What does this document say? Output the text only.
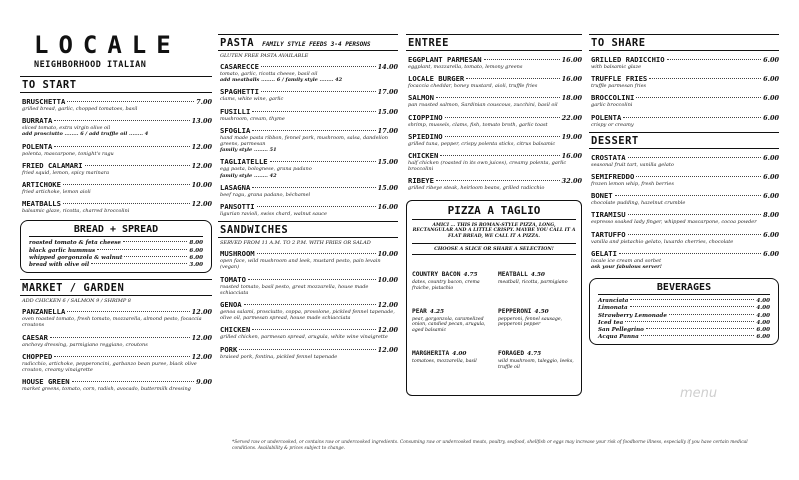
LOCALE
NEIGHBORHOOD ITALIAN
TO START
BRUSCHETTA	7.00
grilled bread, garlic, chopped tomatoes, basil
BURRATA	13.00
sliced tomato, extra virgin olive oil
add prosciutto ........ 6 / add truffle oil ........ 4
POLENTA	12.00
polenta, mascarpone, tonight's ragu
FRIED CALAMARI	12.00
fried squid, lemon, spicy marinara
ARTICHOKE	10.00
fried artichoke, lemon aioli
MEATBALLS	12.00
balsamic glaze, ricotta, charred broccolini
BREAD + SPREAD
roasted tomato & feta cheese	8.00
black garlic hummus	6.00
whipped gorgonzola & walnut	6.00
bread with olive oil	3.00
MARKET / GARDEN
ADD CHICKEN 6 / SALMON 9 / SHRIMP 8
PANZANELLA	12.00
oven roasted tomato, fresh tomato, mozzarella, almond pesto, focaccia croutons
CAESAR	12.00
anchovy dressing, parmigiano reggiano, croutons
CHOPPED	12.00
radicchio, artichoke, pepperoncini, garbanzo bean puree, black olive crouton, creamy vinaigrette
HOUSE GREEN	9.00
market greens, tomato, corn, radish, avocado, buttermilk dressing
PASTA FAMILY STYLE FEEDS 3-4 PERSONS
GLUTEN FREE PASTA AVAILABLE
CASARECCE	14.00
tomato, garlic, ricotta cheese, basil oil
add meatballs ........ 6 / family style ........ 42
SPAGHETTI	17.00
clams, white wine, garlic
FUSILLI	15.00
mushroom, cream, thyme
SFOGLIA	17.00
hand made pasta ribbon, fennel pork, mushroom, salsa, dandelion greens, parmesan
family style ........ 51
TAGLIATELLE	15.00
egg pasta, bolognese, grana padano
family style ........ 42
LASAGNA	15.00
beef ragu, grana padano, béchamel
PANSOTTI	16.00
ligurian ravioli, swiss chard, walnut sauce
SANDWICHES
SERVED FROM 11 A.M. TO 2 P.M. WITH FRIES OR SALAD
MUSHROOM	10.00
open face, wild mushroom and leek, mustard pesto, pain levain (vegan)
TOMATO	10.00
roasted tomato, basil pesto, great mozzarella, house made schiacciata
GENOA	12.00
genoa salami, prosciutto, coppa, provolone, pickled fennel tapenade, olive oil, parmesan spread, house made schiacciata
CHICKEN	12.00
grilled chicken, parmesan spread, arugula, white wine vinaigrette
PORK	12.00
braised pork, fontina, pickled fennel tapenade
ENTREE
EGGPLANT PARMESAN	16.00
eggplant, mozzarella, tomato, lemony greens
LOCALE BURGER	16.00
focaccia cheddar, honey mustard, aioli, truffle fries
SALMON	18.00
pan roasted salmon, Sardinian couscous, zucchini, basil oil
CIOPPINO	22.00
shrimp, mussels, clams, fish, tomato broth, garlic toast
SPIEDINO	19.00
grilled tuna, pepper, crispy polenta sticks, citrus balsamic
CHICKEN	16.00
half chicken (roasted in its own juices), creamy polenta, garlic broccolini
RIBEYE	32.00
grilled ribeye steak, heirloom beans, grilled radicchio
PIZZA A TAGLIO
AMICI ... THIS IS ROMAN-STYLE PIZZA, LONG, RECTANGULAR AND A LITTLE CRISPY. MAYBE YOU CALL IT A FLAT BREAD, WE CALL IT A PIZZA.
CHOOSE A SLICE OR SHARE A SELECTION!
COUNTRY BACON 4.75
dates, country bacon, crema fraiche, pistachio
MEATBALL 4.50
meatball, ricotta, parmigiano
PEAR 4.25
pear, gorgonzola, caramelized onion, candied pecan, arugula, aged balsamic
PEPPERONI 4.50
pepperoni, fennel sausage, pepperoni pepper
MARGHERITA 4.00
tomatoes, mozzarella, basil
FORAGED 4.75
wild mushroom, taleggio, leeks, truffle oil
TO SHARE
GRILLED RADICCHIO	6.00
with balsamic glaze
TRUFFLE FRIES	6.00
truffle parmesan fries
BROCCOLINI	6.00
garlic broccolini
POLENTA	6.00
crispy or creamy
DESSERT
CROSTATA	6.00
seasonal fruit tart, vanilla gelato
SEMIFREDDO	6.00
frozen lemon whip, fresh berries
BONET	6.00
chocolate pudding, hazelnut crumble
TIRAMISU	8.00
espresso soaked lady finger, whipped mascarpone, cocoa powder
TARTUFFO	6.00
vanilla and pistachio gelato, luxardo cherries, chocolate
GELATI	6.00
locale ice cream and sorbet
ask your fabulous server!
BEVERAGES
Aranciata	4.00
Limonata	4.00
Strawberry Lemonade	4.00
Iced tea	4.00
San Pellegrino	6.00
Acqua Panna	6.00
*Served raw or undercooked, or contains raw or undercooked ingredients. Consuming raw or undercooked meats, poultry, seafood, shellfish or eggs may increase your risk of foodborne illness, especially if you have certain medical conditions. Availability & prices subject to change.
menu
